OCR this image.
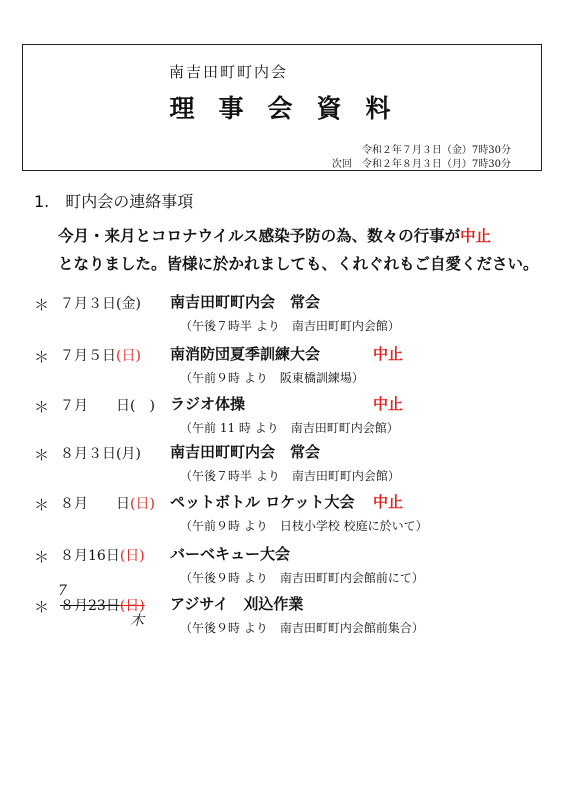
南吉田町町内会
理事会資料
令和２年７月３日（金）7時30分
次回　令和２年８月３日（月）7時30分
1.　町内会の連絡事項
今月・来月とコロナウイルス感染予防の為、数々の行事が中止
となりました。皆様に於かれましても、くれぐれもご自愛ください。
＊ ７月３日(金) 南吉田町町内会　常会
（午後７時半 より　南吉田町町内会館）
＊ ７月５日(日) 南消防団夏季訓練大会	中止
（午前９時 より　阪東橋訓練場）
＊ ７月　　日(　) ラジオ体操	中止
（午前 11 時 より　南吉田町町内会館）
＊ ８月３日(月) 南吉田町町内会　常会
（午後７時半 より　南吉田町町内会館）
＊ ８月　　日(日) ペットボトル ロケット大会 中止
（午前９時 より　日枝小学校 校庭に於いて）
＊ ８月16日(日) バーベキュー大会
（午後９時 より　南吉田町町内会館前にて）
＊ ８月23日(日) アジサイ　刈込作業
（午後９時 より　南吉田町町内会館前集合）
7
木
